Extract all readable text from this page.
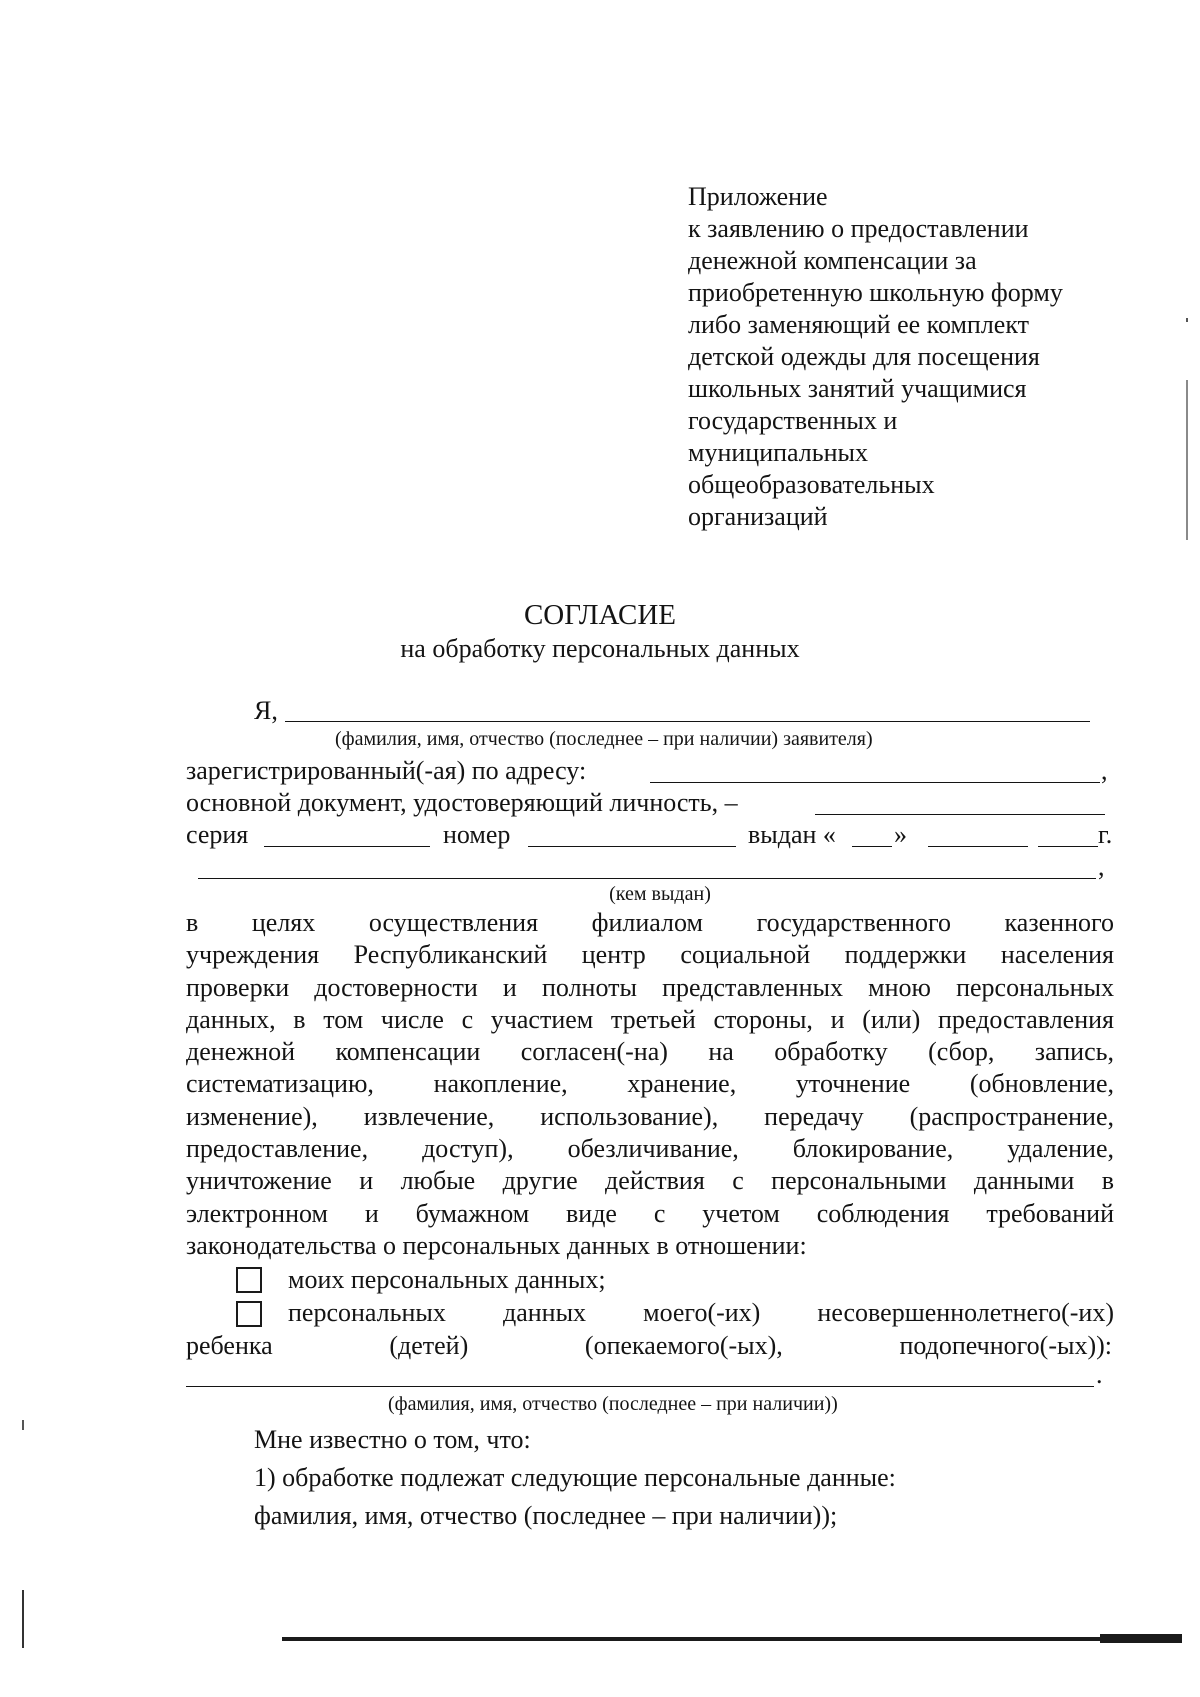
Приложение
к заявлению о предоставлении
денежной компенсации за
приобретенную школьную форму
либо заменяющий ее комплект
детской одежды для посещения
школьных занятий учащимися
государственных и
муниципальных
общеобразовательных
организаций
СОГЛАСИЕ
на обработку персональных данных
Я,
(фамилия, имя, отчество (последнее – при наличии) заявителя)
зарегистрированный(-ая) по адресу:	,
основной документ, удостоверяющий личность, –
серия	номер	выдан « »	г.
,
(кем выдан)
в целях осуществления филиалом государственного казенного
учреждения Республиканский центр социальной поддержки населения
проверки достоверности и полноты представленных мною персональных
данных, в том числе с участием третьей стороны, и (или) предоставления
денежной компенсации согласен(-на) на обработку (сбор, запись,
систематизацию, накопление, хранение, уточнение (обновление,
изменение), извлечение, использование), передачу (распространение,
предоставление, доступ), обезличивание, блокирование, удаление,
уничтожение и любые другие действия с персональными данными в
электронном и бумажном виде с учетом соблюдения требований
законодательства о персональных данных в отношении:
моих персональных данных;
персональных данных моего(-их) несовершеннолетнего(-их)
ребенка (детей) (опекаемого(-ых), подопечного(-ых)):
.
(фамилия, имя, отчество (последнее – при наличии))
Мне известно о том, что:
1) обработке подлежат следующие персональные данные:
фамилия, имя, отчество (последнее – при наличии));
